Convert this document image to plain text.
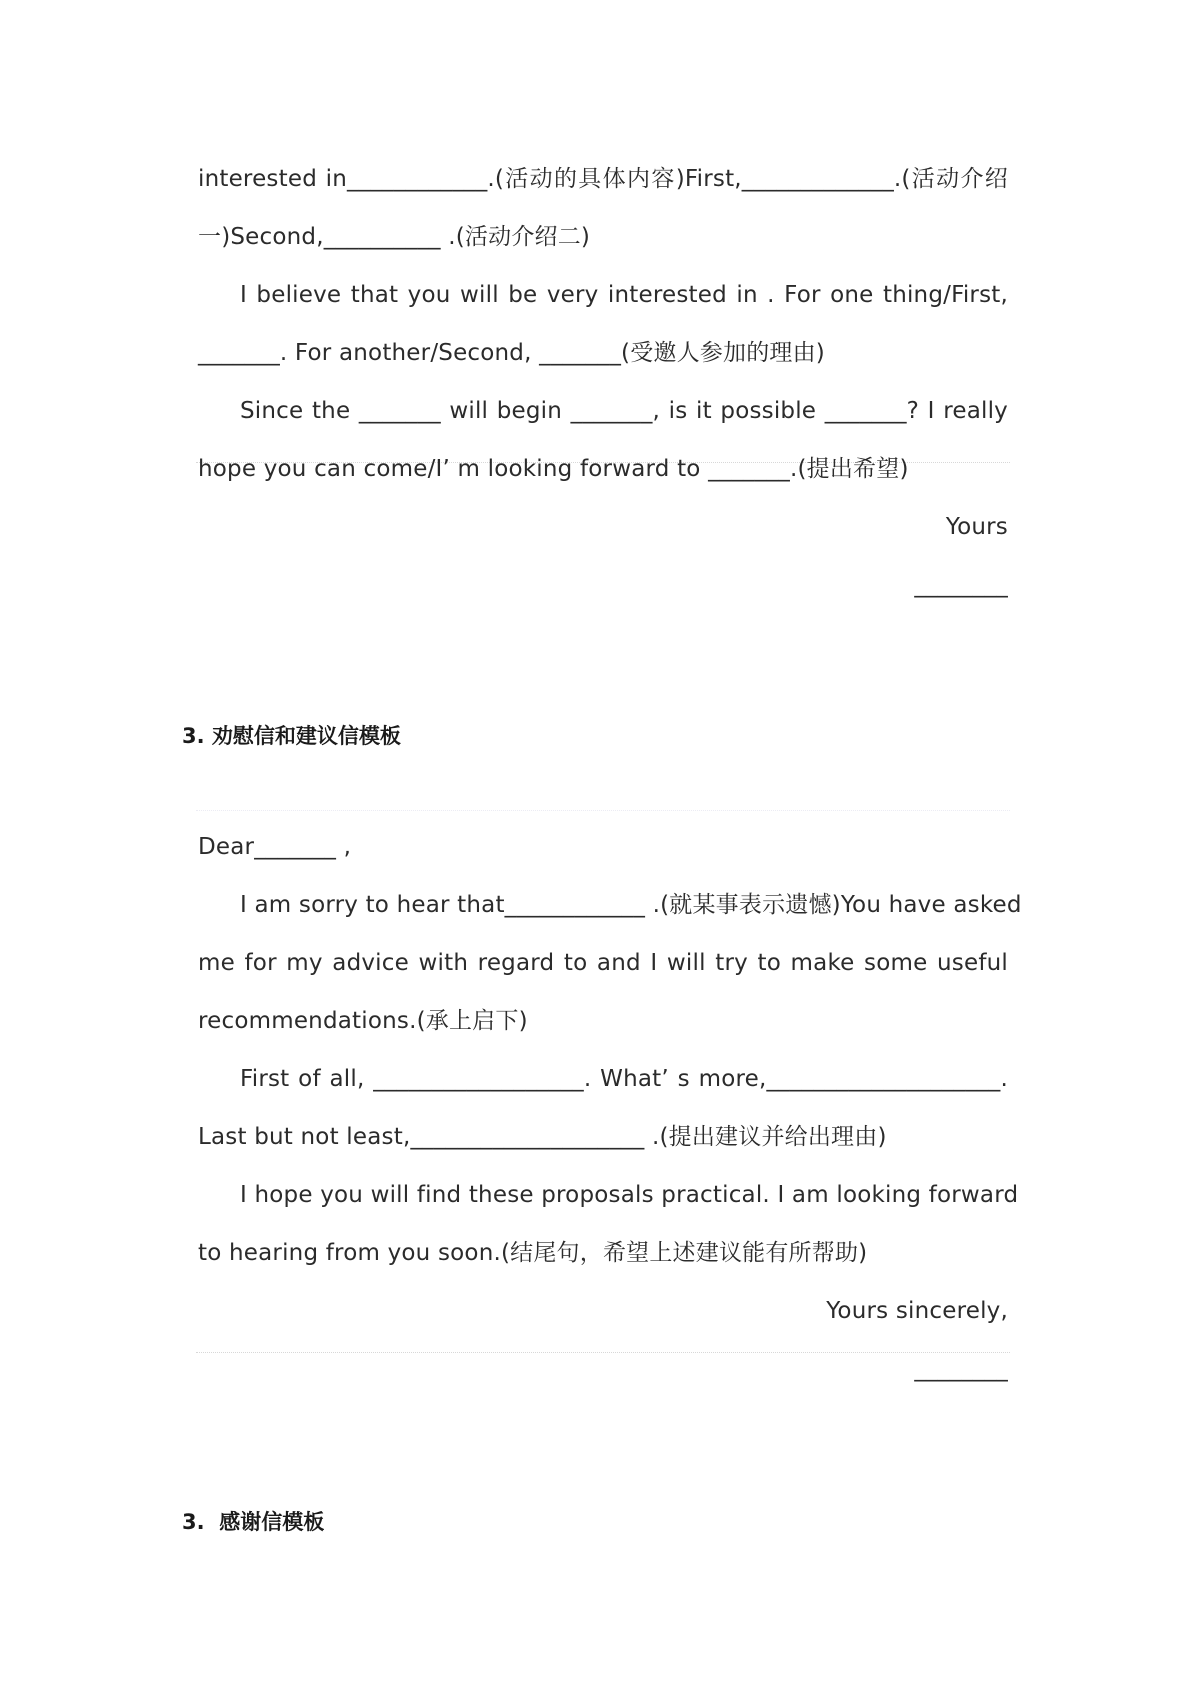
interested in____________.(活动的具体内容)First,_____________.(活动介绍
一)Second,__________ .(活动介绍二)
I believe that you will be very interested in . For one thing/First,
_______. For another/Second, _______(受邀人参加的理由)
Since the _______ will begin _______, is it possible _______? I really
hope you can come/I’ m looking forward to _______.(提出希望)
Yours
________
3. 劝慰信和建议信模板
Dear_______ ,
I am sorry to hear that____________ .(就某事表示遗憾)You have asked
me for my advice with regard to and I will try to make some useful
recommendations.(承上启下)
First of all, __________________. What’ s more,____________________.
Last but not least,____________________ .(提出建议并给出理由)
I hope you will find these proposals practical. I am looking forward
to hearing from you soon.(结尾句，希望上述建议能有所帮助)
Yours sincerely,
________
3.  感谢信模板
